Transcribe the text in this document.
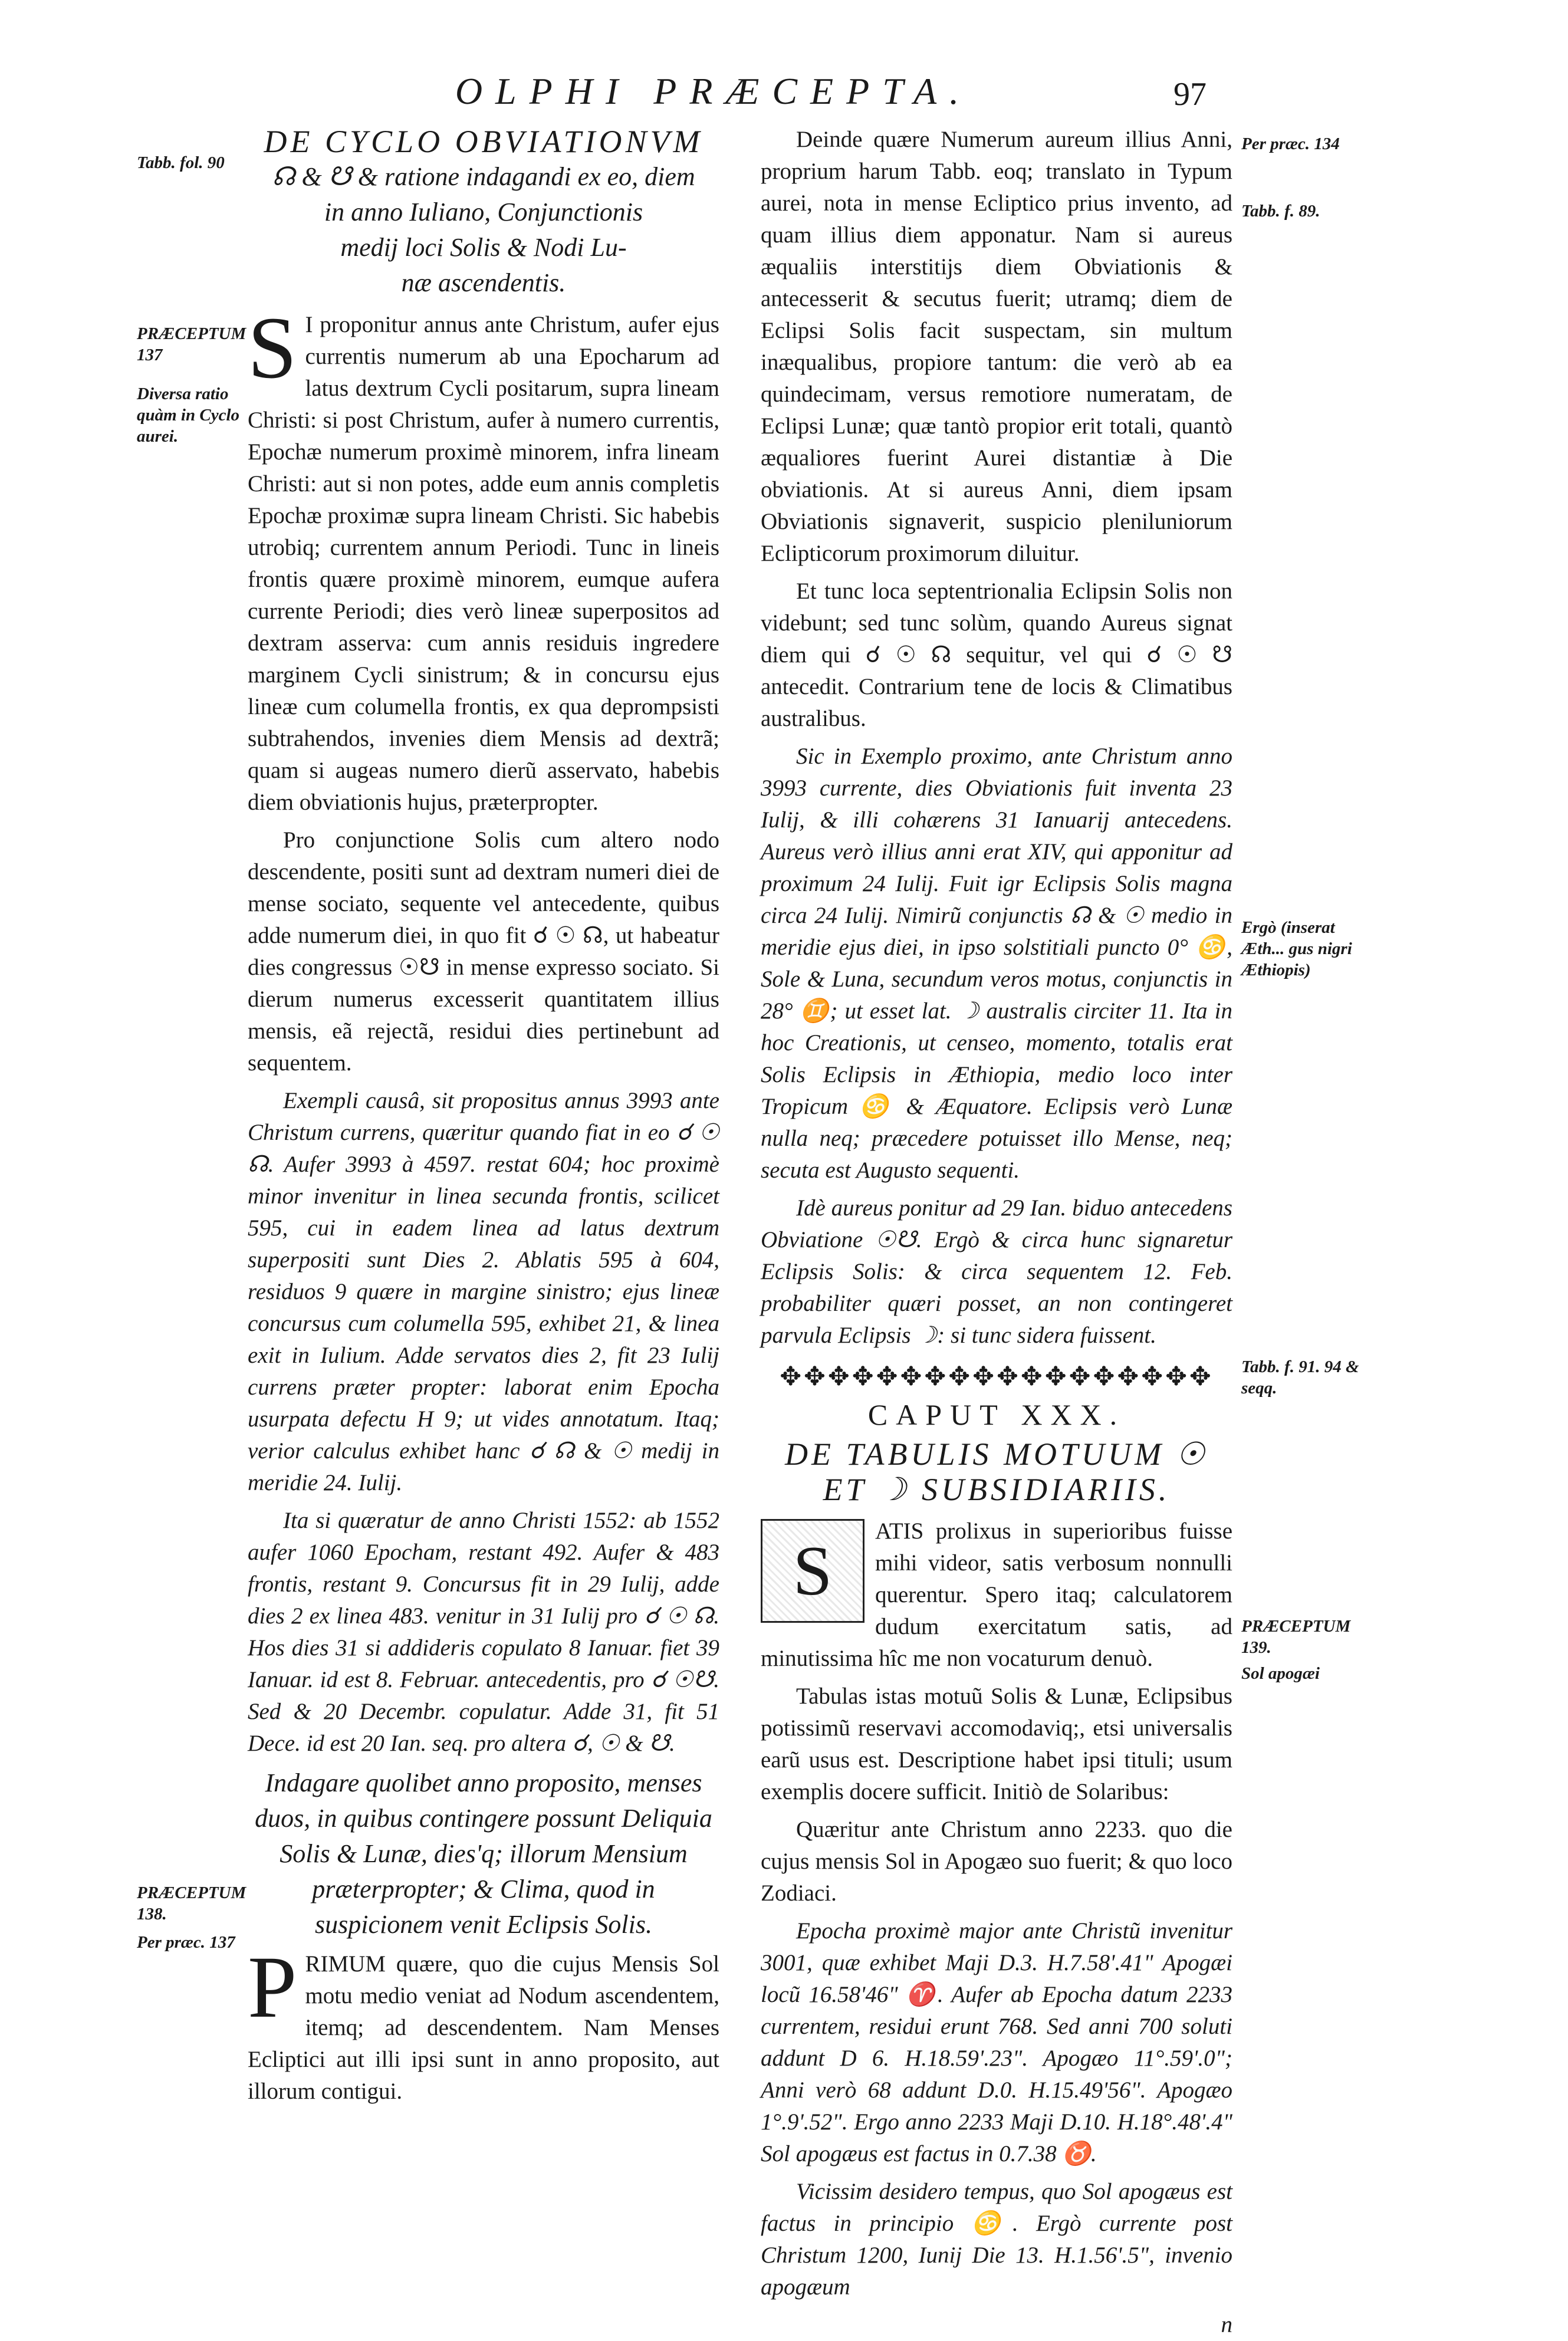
OLPHI PRÆCEPTA.	97
DE CYCLO OBVIATIONVM
☊ & ☋ & ratione indagandi ex eo, diem
in anno Iuliano, Conjunctionis
medij loci Solis & Nodi Lu-
næ ascendentis.

S I proponitur annus ante Christum, aufer ejus currentis numerum ab una Epocharum ad latus dextrum Cycli positarum, supra lineam Christi: si post Christum, aufer à numero currentis, Epochæ numerum proximè minorem, infra lineam Christi: aut si non potes, adde eum annis completis Epochæ proximæ supra lineam Christi. Sic habebis utrobiq; currentem annum Periodi. Tunc in lineis frontis quære proximè minorem, eumque aufera currente Periodi; dies verò lineæ superpositos ad dextram asserva: cum annis residuis ingredere marginem Cycli sinistrum; & in concursu ejus lineæ cum columella frontis, ex qua deprompsisti subtrahendos, invenies diem Mensis ad dextrã; quam si augeas numero dierũ asservato, habebis diem obviationis hujus, præterpropter.

Pro conjunctione Solis cum altero nodo descendente, positi sunt ad dextram numeri diei de mense sociato, sequente vel antecedente, quibus adde numerum diei, in quo fit ☌ ☉ ☊, ut habeatur dies congressus ☉☋ in mense expresso sociato. Si dierum numerus excesserit quantitatem illius mensis, eã rejectã, residui dies pertinebunt ad sequentem.

Exempli causâ, sit propositus annus 3993 ante Christum currens, quæritur quando fiat in eo ☌ ☉ ☊. Aufer 3993 à 4597. restat 604; hoc proximè minor invenitur in linea secunda frontis, scilicet 595, cui in eadem linea ad latus dextrum superpositi sunt Dies 2. Ablatis 595 à 604, residuos 9 quære in margine sinistro; ejus lineæ concursus cum columella 595, exhibet 21, & linea exit in Iulium. Adde servatos dies 2, fit 23 Iulij currens præter propter: laborat enim Epocha usurpata defectu H 9; ut vides annotatum. Itaq; verior calculus exhibet hanc ☌ ☊ & ☉ medij in meridie 24. Iulij.

Ita si quæratur de anno Christi 1552: ab 1552 aufer 1060 Epocham, restant 492. Aufer & 483 frontis, restant 9. Concursus fit in 29 Iulij, adde dies 2 ex linea 483. venitur in 31 Iulij pro ☌ ☉ ☊. Hos dies 31 si addideris copulato 8 Ianuar. fiet 39 Ianuar. id est 8. Februar. antecedentis, pro ☌ ☉☋. Sed & 20 Decembr. copulatur. Adde 31, fit 51 Dece. id est 20 Ian. seq. pro altera ☌, ☉ & ☋.

Indagare quolibet anno proposito, menses duos, in quibus contingere possunt Deliquia Solis & Lunæ, dies'q; illorum Mensium præterpropter; & Clima, quod in suspicionem venit Eclipsis Solis.

P RIMUM quære, quo die cujus Mensis Sol motu medio veniat ad Nodum ascendentem, itemq; ad descendentem. Nam Menses Ecliptici aut illi ipsi sunt in anno proposito, aut illorum contigui.

Deinde quære Numerum aureum illius Anni, proprium harum Tabb. eoq; translato in Typum aurei, nota in mense Ecliptico prius invento, ad quam illius diem apponatur. Nam si aureus æqualiis interstitijs diem Obviationis & antecesserit & secutus fuerit; utramq; diem de Eclipsi Solis facit suspectam, sin multum inæqualibus, propiore tantum: die verò ab ea quindecimam, versus remotiore numeratam, de Eclipsi Lunæ; quæ tantò propior erit totali, quantò æqualiores fuerint Aurei distantiæ à Die obviationis. At si aureus Anni, diem ipsam Obviationis signaverit, suspicio pleniluniorum Eclipticorum proximorum diluitur.

Et tunc loca septentrionalia Eclipsin Solis non videbunt; sed tunc solùm, quando Aureus signat diem qui ☌ ☉ ☊ sequitur, vel qui ☌ ☉ ☋ antecedit. Contrarium tene de locis & Climatibus australibus.

Sic in Exemplo proximo, ante Christum anno 3993 currente, dies Obviationis fuit inventa 23 Iulij, & illi cohærens 31 Ianuarij antecedens. Aureus verò illius anni erat XIV, qui apponitur ad proximum 24 Iulij. Fuit igr Eclipsis Solis magna circa 24 Iulij. Nimirũ conjunctis ☊ & ☉ medio in meridie ejus diei, in ipso solstitiali puncto 0° ♋, Sole & Luna, secundum veros motus, conjunctis in 28° ♊; ut esset lat. ☽ australis circiter 11. Ita in hoc Creationis, ut censeo, momento, totalis erat Solis Eclipsis in Æthiopia, medio loco inter Tropicum ♋ & Æquatore. Eclipsis verò Lunæ nulla neq; præcedere potuisset illo Mense, neq; secuta est Augusto sequenti.

Idè aureus ponitur ad 29 Ian. biduo antecedens Obviatione ☉☋. Ergò & circa hunc signaretur Eclipsis Solis: & circa sequentem 12. Feb. probabiliter quæri posset, an non contingeret parvula Eclipsis ☽: si tunc sidera fuissent.

✥✥✥✥✥✥✥✥✥✥✥✥✥✥✥✥✥✥
CAPUT XXX.
DE TABULIS MOTUUM ☉
ET ☽ SUBSIDIARIIS.

S
ATIS prolixus in superioribus fuisse mihi videor, satis verbosum nonnulli querentur. Spero itaq; calculatorem dudum exercitatum satis, ad minutissima hîc me non vocaturum denuò.

Tabulas istas motuũ Solis & Lunæ, Eclipsibus potissimũ reservavi accomodaviq;, etsi universalis earũ usus est. Descriptione habet ipsi tituli; usum exemplis docere sufficit. Initiò de Solaribus:

Quæritur ante Christum anno 2233. quo die cujus mensis Sol in Apogæo suo fuerit; & quo loco Zodiaci.

Epocha proximè major ante Christũ invenitur 3001, quæ exhibet Maji D.3. H.7.58'.41" Apogæi locũ 16.58'46" ♈. Aufer ab Epocha datum 2233 currentem, residui erunt 768. Sed anni 700 soluti addunt D 6. H.18.59'.23". Apogæo 11°.59'.0"; Anni verò 68 addunt D.0. H.15.49'56". Apogæo 1°.9'.52". Ergo anno 2233 Maji D.10. H.18°.48'.4" Sol apogæus est factus in 0.7.38 ♉.

Vicissim desidero tempus, quo Sol apogæus est factus in principio ♋. Ergò currente post Christum 1200, Iunij Die 13. H.1.56'.5", invenio apogæum

n
Tabb. fol. 90
PRÆCEPTUM 137
Diversa ratio quàm in Cyclo aurei.
PRÆCEPTUM 138.
Per præc. 137
Per præc. 134
Tabb. f. 89.
Ergò (inserat Æth... gus nigri Æthiopis)
Tabb. f. 91. 94 & seqq.
PRÆCEPTUM 139.
Sol apogæi
